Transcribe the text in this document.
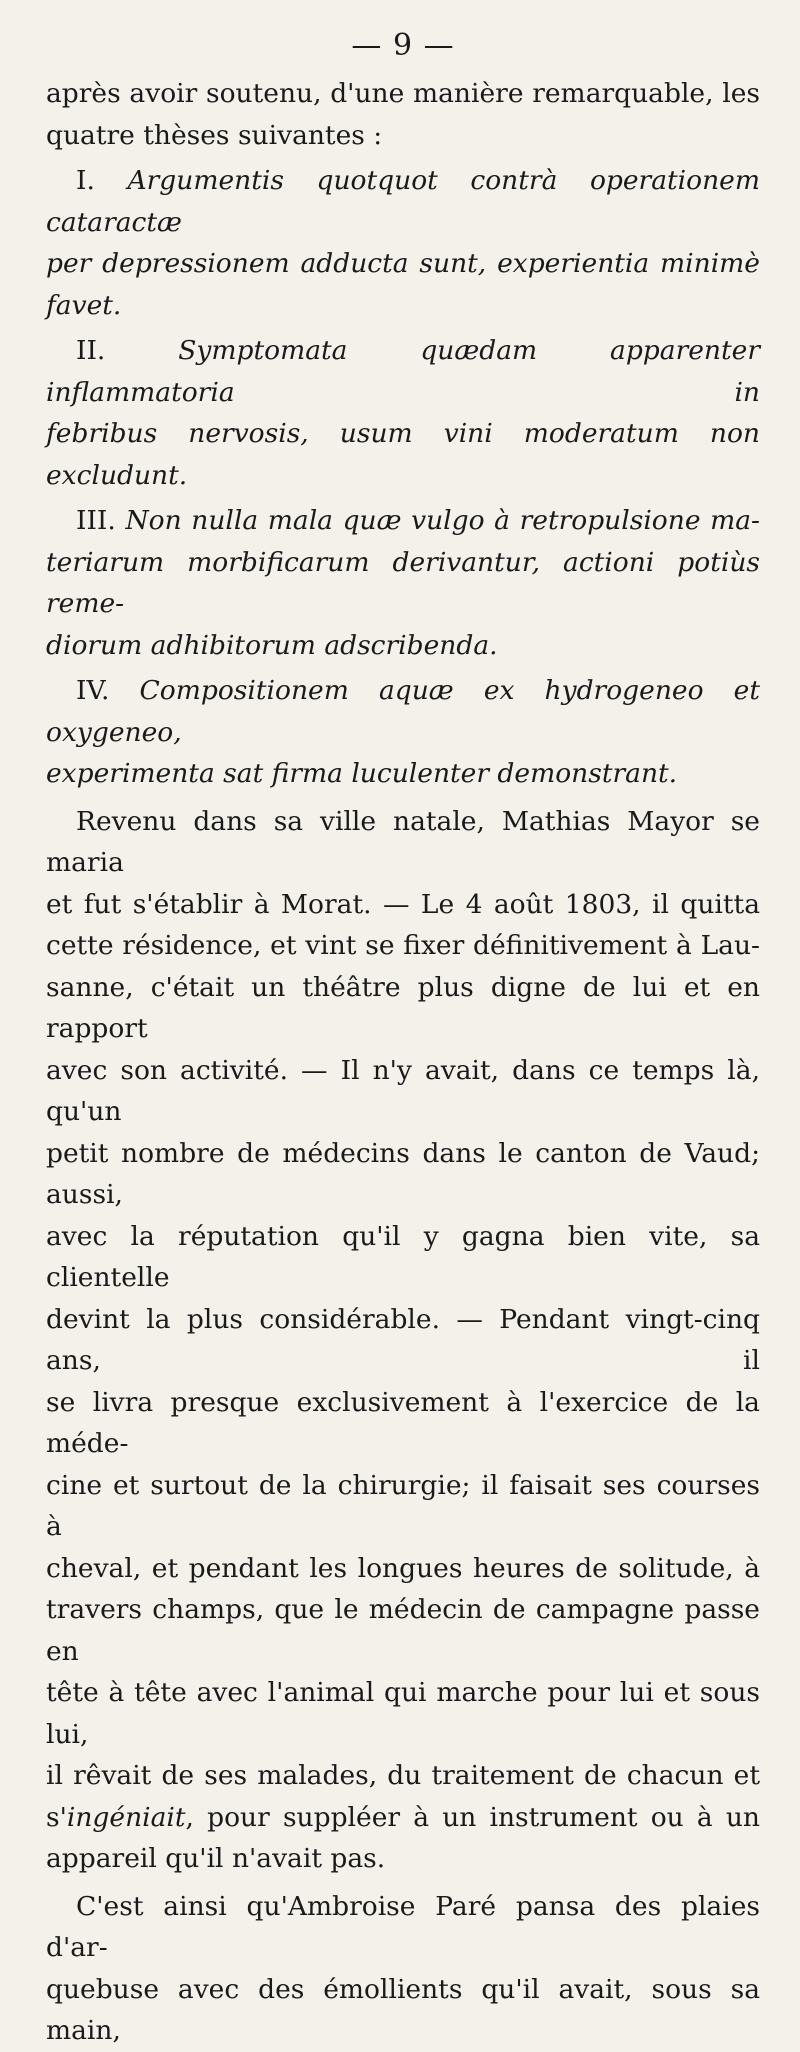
— 9 —

après avoir soutenu, d'une manière remarquable, les

quatre thèses suivantes :

I. Argumentis quotquot contrà operationem cataractæ

per depressionem adducta sunt, experientia minimè

favet.

II.	Symptomata quædam apparenter inflammatoria in

febribus nervosis, usum vini moderatum non excludunt.

III. Non nulla mala quæ vulgo à retropulsione ma-

teriarum morbificarum derivantur, actioni potiùs reme-

diorum adhibitorum adscribenda.

IV. Compositionem aquæ ex hydrogeneo et oxygeneo,

experimenta sat firma luculenter demonstrant.

Revenu dans sa ville natale, Mathias Mayor se maria

et fut s'établir à Morat. — Le 4 août 1803, il quitta

cette résidence, et vint se fixer définitivement à Lau-

sanne, c'était un théâtre plus digne de lui et en rapport

avec son activité. — Il n'y avait, dans ce temps là, qu'un

petit nombre de médecins dans le canton de Vaud; aussi,

avec la réputation qu'il y gagna bien vite, sa clientelle

devint la plus considérable. — Pendant vingt-cinq ans, il

se livra presque exclusivement à l'exercice de la méde-

cine et surtout de la chirurgie; il faisait ses courses à

cheval, et pendant les longues heures de solitude, à

travers champs, que le médecin de campagne passe en

tête à tête avec l'animal qui marche pour lui et sous lui,

il rêvait de ses malades, du traitement de chacun et

s'ingéniait, pour suppléer à un instrument ou à un

appareil qu'il n'avait pas.

C'est ainsi qu'Ambroise Paré pansa des plaies d'ar-

quebuse avec des émollients qu'il avait, sous sa main,
